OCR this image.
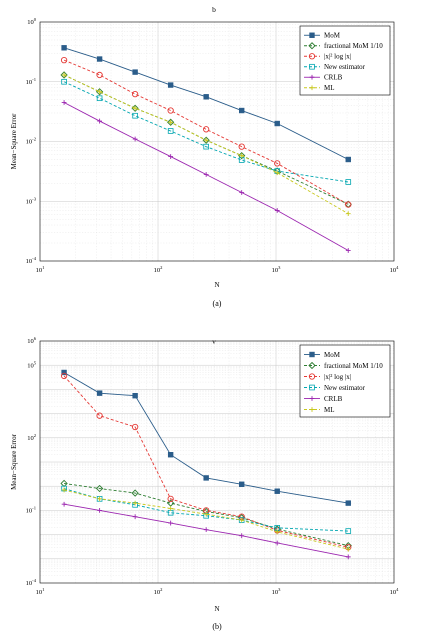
b
$10^1$	$10^2$	$10^3$	$10^4$
$10^{-4}$
$10^{-3}$
$10^{-2}$
$10^{-1}$
$10^0$
N
Mean−Square Error
(a)
MoM
fractional MoM 1/10
|x|² log |x|
New estimator
CRLB
ML
v
$10^1$	$10^2$	$10^3$	$10^4$
$10^{-4}$
$10^{-1}$
$10^2$
$10^5$
$10^6$
N
Mean−Square Error
(b)
MoM
fractional MoM 1/10
|x|² log |x|
New estimator
CRLB
ML
